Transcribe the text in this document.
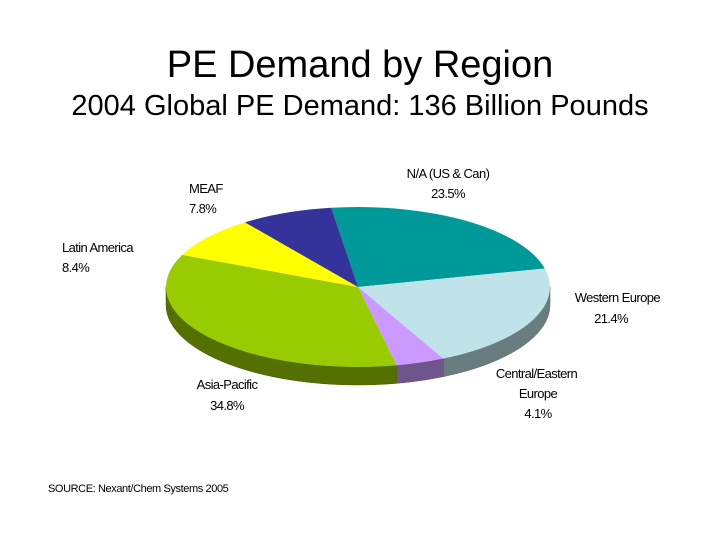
PE Demand by Region
2004 Global PE Demand: 136 Billion Pounds
N/A (US & Can)
23.5%
Western Europe
21.4%
Central/Eastern Europe
4.1%
Asia-Pacific
34.8%
Latin America
8.4%
MEAF
7.8%
SOURCE: Nexant/Chem Systems 2005
